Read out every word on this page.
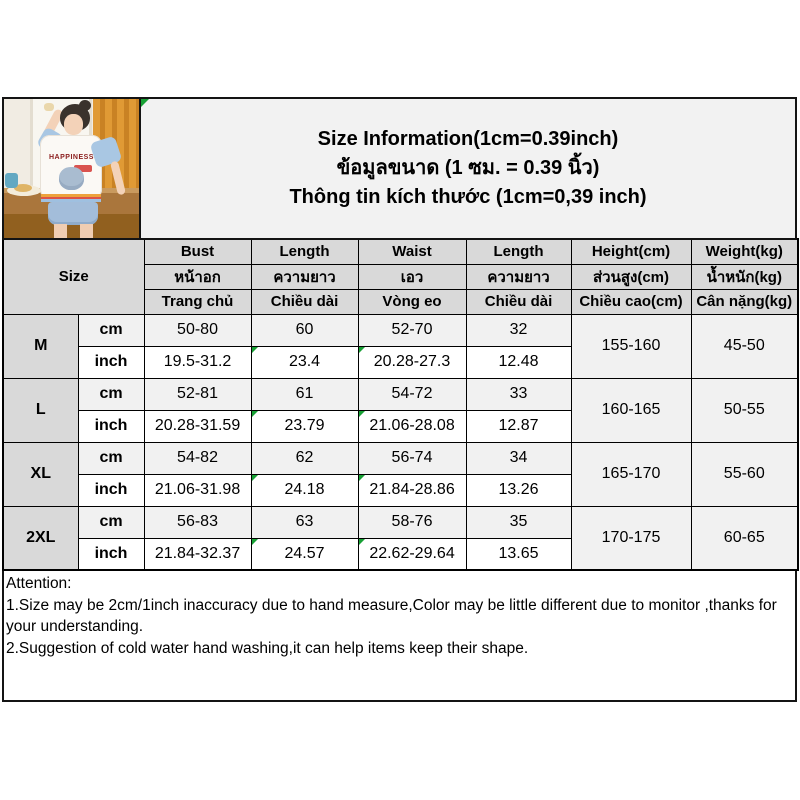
HAPPINESS
Size Information(1cm=0.39inch)
ข้อมูลขนาด (1 ซม. = 0.39 นิ้ว)
Thông tin kích thước (1cm=0,39 inch)
Size		Bust	Length	Waist	Length	Height(cm)	Weight(kg)
		หน้าอก	ความยาว	เอว	ความยาว	ส่วนสูง(cm)	น้ำหนัก(kg)
		Trang chủ	Chiều dài	Vòng eo	Chiều dài	Chiều cao(cm)	Cân nặng(kg)
M	cm	50-80	60	52-70	32	155-160	45-50
	inch	19.5-31.2	23.4	20.28-27.3	12.48		
L	cm	52-81	61	54-72	33	160-165	50-55
	inch	20.28-31.59	23.79	21.06-28.08	12.87		
XL	cm	54-82	62	56-74	34	165-170	55-60
	inch	21.06-31.98	24.18	21.84-28.86	13.26		
2XL	cm	56-83	63	58-76	35	170-175	60-65
	inch	21.84-32.37	24.57	22.62-29.64	13.65		
Attention:
1.Size may be 2cm/1inch inaccuracy due to hand measure,Color may be little different due to monitor ,thanks for your understanding.
2.Suggestion of cold water hand washing,it can help items keep their shape.
